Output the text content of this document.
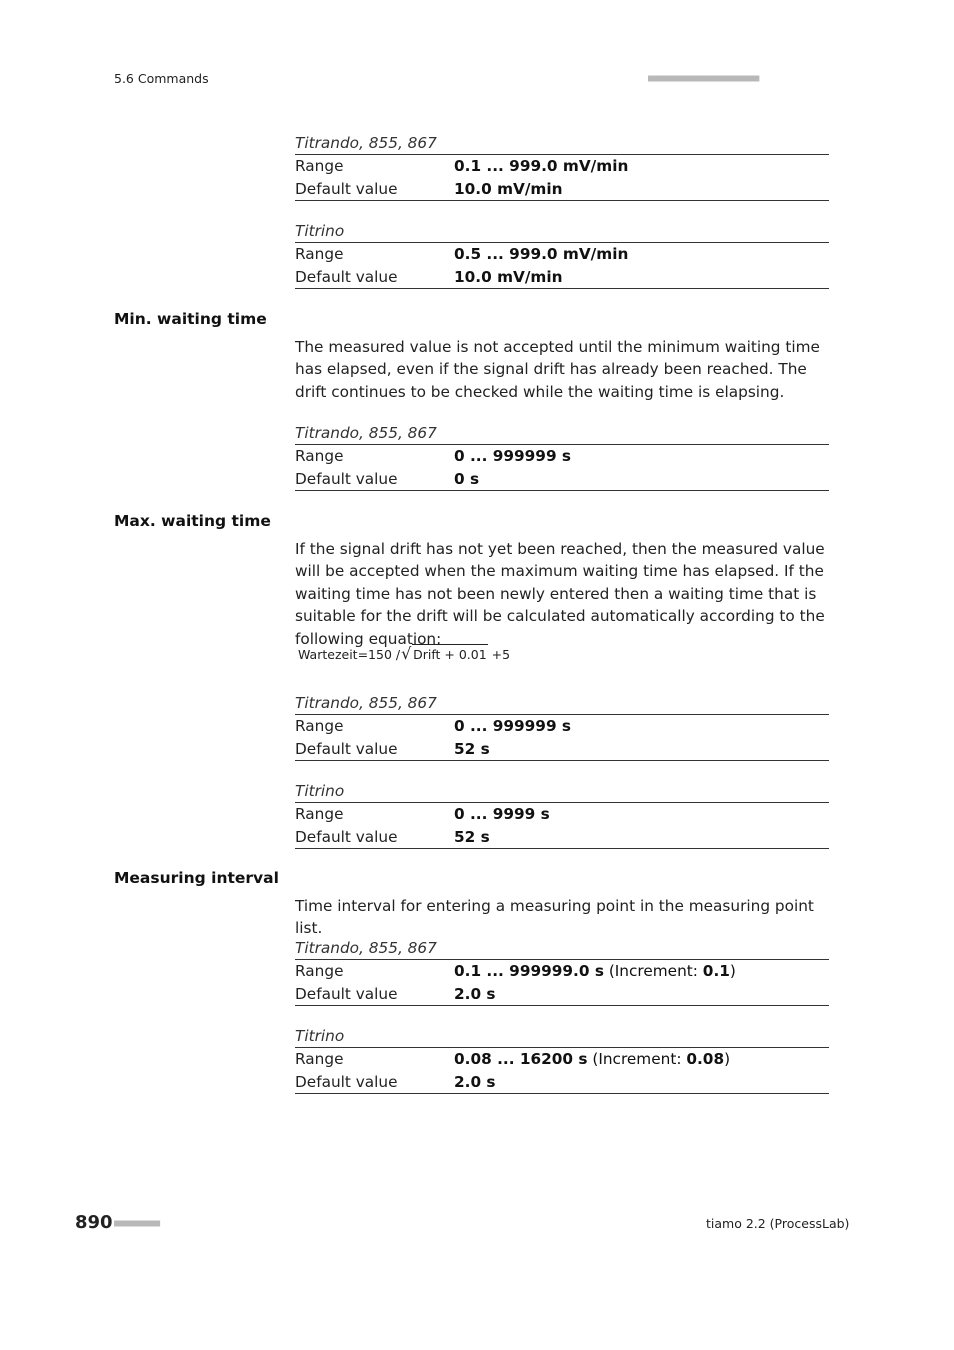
5.6 Commands	■■■■■■■■■■■■■■■■■■■■■■
Titrando, 855, 867
Range	0.1 ... 999.0 mV/min
Default value	10.0 mV/min
Titrino
Range	0.5 ... 999.0 mV/min
Default value	10.0 mV/min
Min. waiting time
The measured value is not accepted until the minimum waiting time has elapsed, even if the signal drift has already been reached. The drift continues to be checked while the waiting time is elapsing.
Titrando, 855, 867
Range	0 ... 999999 s
Default value	0 s
Max. waiting time
If the signal drift has not yet been reached, then the measured value will be accepted when the maximum waiting time has elapsed. If the waiting time has not been newly entered then a waiting time that is suitable for the drift will be calculated automatically according to the following equation:
Wartezeit=150 / √ Drift + 0.01 +5
Titrando, 855, 867
Range	0 ... 999999 s
Default value	52 s
Titrino
Range	0 ... 9999 s
Default value	52 s
Measuring interval
Time interval for entering a measuring point in the measuring point list.
Titrando, 855, 867
Range	0.1 ... 999999.0 s (Increment: 0.1)
Default value	2.0 s
Titrino
Range	0.08 ... 16200 s (Increment: 0.08)
Default value	2.0 s
890 ■■■■■■■■■	tiamo 2.2 (ProcessLab)
